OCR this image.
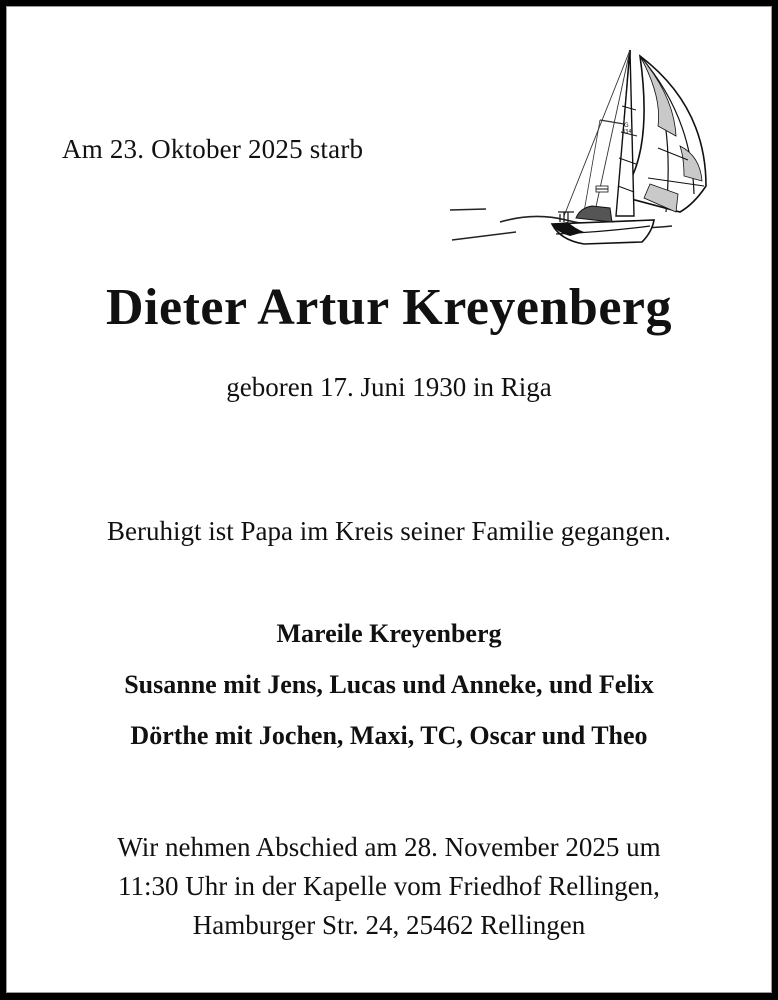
Am 23. Oktober 2025 starb
G
334
Dieter Artur Kreyenberg
geboren 17. Juni 1930 in Riga
Beruhigt ist Papa im Kreis seiner Familie gegangen.
Mareile Kreyenberg
Susanne mit Jens, Lucas und Anneke, und Felix
Dörthe mit Jochen, Maxi, TC, Oscar und Theo
Wir nehmen Abschied am 28. November 2025 um
11:30 Uhr in der Kapelle vom Friedhof Rellingen,
Hamburger Str. 24, 25462 Rellingen
